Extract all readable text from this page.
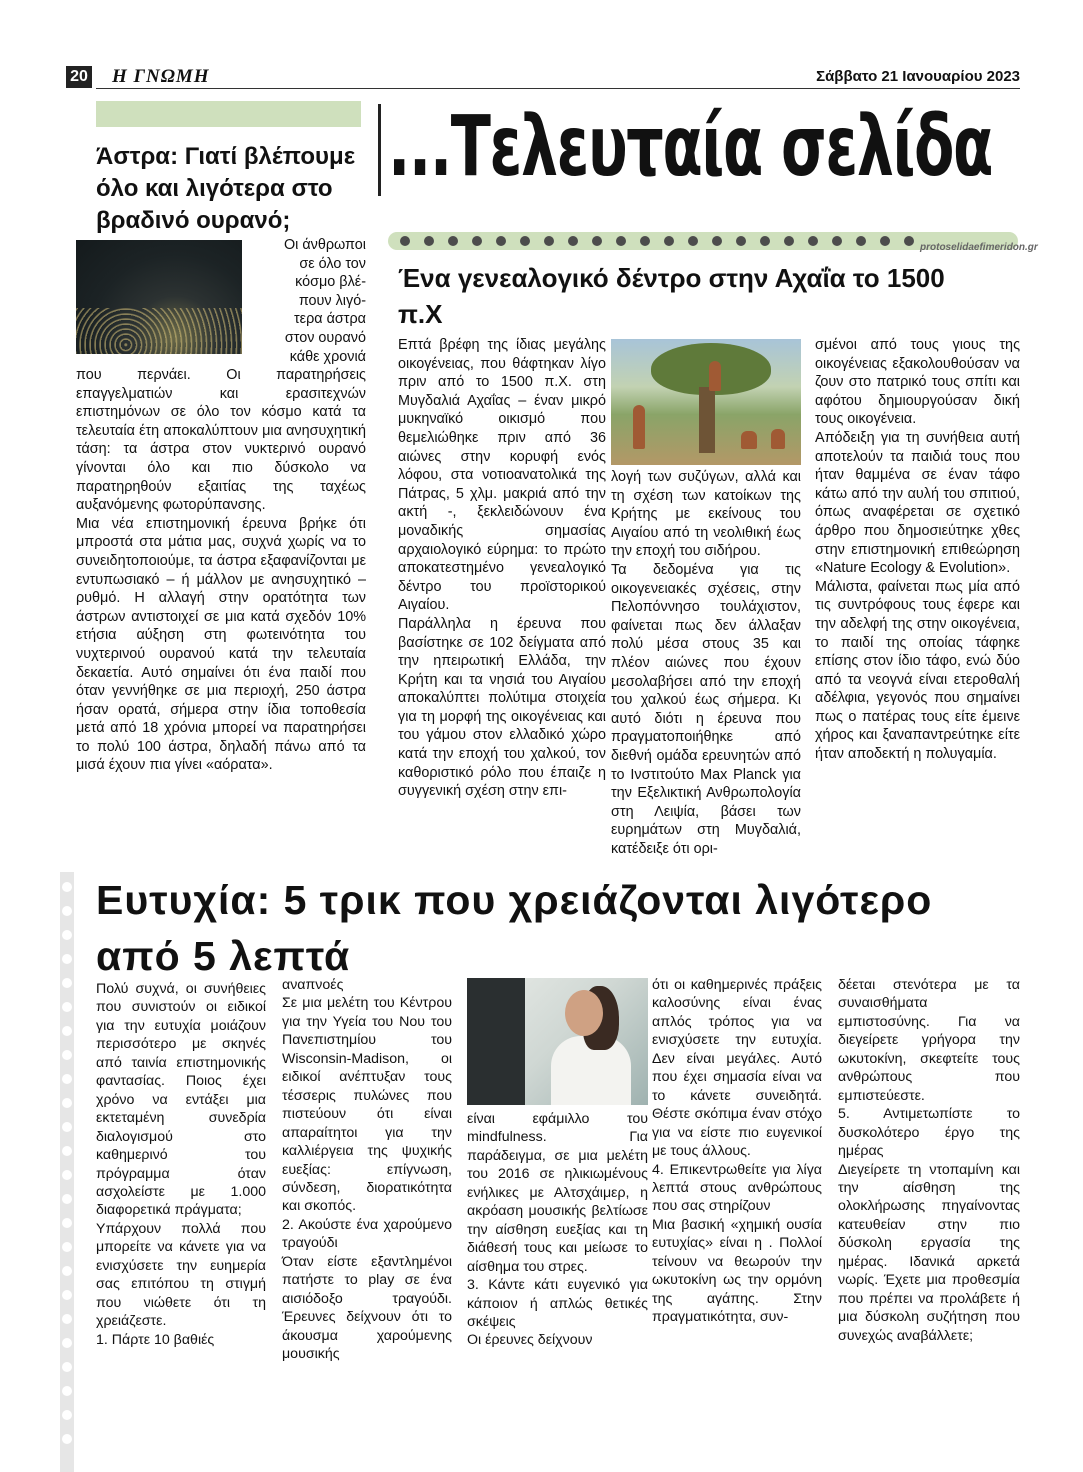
20 Η ΓΝΩΜΗ	Σάββατο 21 Ιανουαρίου 2023
...Τελευταία σελίδα
Άστρα: Γιατί βλέπουμε όλο και λιγότερα στο βραδινό ουρανό;
Οι άνθρωποι
σε όλο τον
κόσμο βλέ-
πουν λιγό-
τερα άστρα
στον ουρανό
κάθε χρονιά
που περνάει. Οι παρατηρήσεις επαγγελματιών και ερασιτεχνών επιστημόνων σε όλο τον κόσμο κατά τα τελευταία έτη αποκαλύπτουν μια ανησυχητική τάση: τα άστρα στον νυκτερινό ουρανό γίνονται όλο και πιο δύσκολο να παρατηρηθούν εξαιτίας της ταχέως αυξανόμενης φωτορύπανσης.
Μια νέα επιστημονική έρευνα βρήκε ότι μπροστά στα μάτια μας, συχνά χωρίς να το συνειδητοποιούμε, τα άστρα εξαφανίζονται με εντυπωσιακό – ή μάλλον με ανησυχητικό – ρυθμό. Η αλλαγή στην ορατότητα των άστρων αντιστοιχεί σε μια κατά σχεδόν 10% ετήσια αύξηση στη φωτεινότητα του νυχτερινού ουρανού κατά την τελευταία δεκαετία. Αυτό σημαίνει ότι ένα παιδί που όταν γεννήθηκε σε μια περιοχή, 250 άστρα ήσαν ορατά, σήμερα στην ίδια τοποθεσία μετά από 18 χρόνια μπορεί να παρατηρήσει το πολύ 100 άστρα, δηλαδή πάνω από τα μισά έχουν πια γίνει «αόρατα».
protoselidaefimeridon.gr
Ένα γενεαλογικό δέντρο στην Αχαΐα το 1500 π.Χ
Επτά βρέφη της ίδιας μεγάλης οικογένειας, που θάφτηκαν λίγο πριν από το 1500 π.Χ. στη Μυγδαλιά Αχαΐας – έναν μικρό μυκηναϊκό οικισμό που θεμελιώθηκε πριν από 36 αιώνες στην κορυφή ενός λόφου, στα νοτιοανατολικά της Πάτρας, 5 χλμ. μακριά από την ακτή -, ξεκλειδώνουν ένα μοναδικής σημασίας αρχαιολογικό εύρημα: το πρώτο αποκατεστημένο γενεαλογικό δέντρο του προϊστορικού Αιγαίου.
Παράλληλα η έρευνα που βασίστηκε σε 102 δείγματα από την ηπειρωτική Ελλάδα, την Κρήτη και τα νησιά του Αιγαίου αποκαλύπτει πολύτιμα στοιχεία για τη μορφή της οικογένειας και του γάμου στον ελλαδικό χώρο κατά την εποχή του χαλκού, τον καθοριστικό ρόλο που έπαιζε η συγγενική σχέση στην επι-
λογή των συζύγων, αλλά και τη σχέση των κατοίκων της Κρήτης με εκείνους του Αιγαίου από τη νεολιθική έως την εποχή του σιδήρου.
Τα δεδομένα για τις οικογενειακές σχέσεις, στην Πελοπόννησο τουλάχιστον, φαίνεται πως δεν άλλαξαν πολύ μέσα στους 35 και πλέον αιώνες που έχουν μεσολαβήσει από την εποχή του χαλκού έως σήμερα. Κι αυτό διότι η έρευνα που πραγματοποιήθηκε από διεθνή ομάδα ερευνητών από το Ινστιτούτο Max Planck για την Εξελικτική Ανθρωπολογία στη Λειψία, βάσει των ευρημάτων στη Μυγδαλιά, κατέδειξε ότι ορι-
σμένοι από τους γιους της οικογένειας εξακολουθούσαν να ζουν στο πατρικό τους σπίτι και αφότου δημιουργούσαν δική τους οικογένεια.
Απόδειξη για τη συνήθεια αυτή αποτελούν τα παιδιά τους που ήταν θαμμένα σε έναν τάφο κάτω από την αυλή του σπιτιού, όπως αναφέρεται σε σχετικό άρθρο που δημοσιεύτηκε χθες στην επιστημονική επιθεώρηση «Nature Ecology & Evolution».
Μάλιστα, φαίνεται πως μία από τις συντρόφους τους έφερε και την αδελφή της στην οικογένεια, το παιδί της οποίας τάφηκε επίσης στον ίδιο τάφο, ενώ δύο από τα νεογνά είναι ετεροθαλή αδέλφια, γεγονός που σημαίνει πως ο πατέρας τους είτε έμεινε χήρος και ξαναπαντρεύτηκε είτε ήταν αποδεκτή η πολυγαμία.
Ευτυχία: 5 τρικ που χρειάζονται λιγότερο από 5 λεπτά
Πολύ συχνά, οι συνήθειες που συνιστούν οι ειδικοί για την ευτυχία μοιάζουν περισσότερο με σκηνές από ταινία επιστημονικής φαντασίας. Ποιος έχει χρόνο να εντάξει μια εκτεταμένη συνεδρία διαλογισμού στο καθημερινό του πρόγραμμα όταν ασχολείστε με 1.000 διαφορετικά πράγματα;
Υπάρχουν πολλά που μπορείτε να κάνετε για να ενισχύσετε την ευημερία σας επιτόπου τη στιγμή που νιώθετε ότι τη χρειάζεστε.
1. Πάρτε 10 βαθιές
αναπνοές
Σε μια μελέτη του Κέντρου για την Υγεία του Νου του Πανεπιστημίου του Wisconsin-Madison, οι ειδικοί ανέπτυξαν τους τέσσερις πυλώνες που πιστεύουν ότι είναι απαραίτητοι για την καλλιέργεια της ψυχικής ευεξίας: επίγνωση, σύνδεση, διορατικότητα και σκοπός.
2. Ακούστε ένα χαρούμενο τραγούδι
Όταν είστε εξαντλημένοι πατήστε το play σε ένα αισιόδοξο τραγούδι. Έρευνες δείχνουν ότι το άκουσμα χαρούμενης μουσικής
είναι εφάμιλλο του mindfulness. Για παράδειγμα, σε μια μελέτη του 2016 σε ηλικιωμένους ενήλικες με Αλτσχάιμερ, η ακρόαση μουσικής βελτίωσε την αίσθηση ευεξίας και τη διάθεσή τους και μείωσε το αίσθημα του στρες.
3. Κάντε κάτι ευγενικό για κάποιον ή απλώς θετικές σκέψεις
Οι έρευνες δείχνουν
ότι οι καθημερινές πράξεις καλοσύνης είναι ένας απλός τρόπος για να ενισχύσετε την ευτυχία. Δεν είναι μεγάλες. Αυτό που έχει σημασία είναι να το κάνετε συνειδητά. Θέστε σκόπιμα έναν στόχο για να είστε πιο ευγενικοί με τους άλλους.
4. Επικεντρωθείτε για λίγα λεπτά στους ανθρώπους που σας στηρίζουν
Μια βασική «χημική ουσία ευτυχίας» είναι η . Πολλοί τείνουν να θεωρούν την ωκυτοκίνη ως την ορμόνη της αγάπης. Στην πραγματικότητα, συν-
δέεται στενότερα με τα συναισθήματα εμπιστοσύνης. Για να διεγείρετε γρήγορα την ωκυτοκίνη, σκεφτείτε τους ανθρώπους που εμπιστεύεστε.
5. Αντιμετωπίστε το δυσκολότερο έργο της ημέρας
Διεγείρετε τη ντοπαμίνη και την αίσθηση της ολοκλήρωσης πηγαίνοντας κατευθείαν στην πιο δύσκολη εργασία της ημέρας. Ιδανικά αρκετά νωρίς. Έχετε μια προθεσμία που πρέπει να προλάβετε ή μια δύσκολη συζήτηση που συνεχώς αναβάλλετε;
